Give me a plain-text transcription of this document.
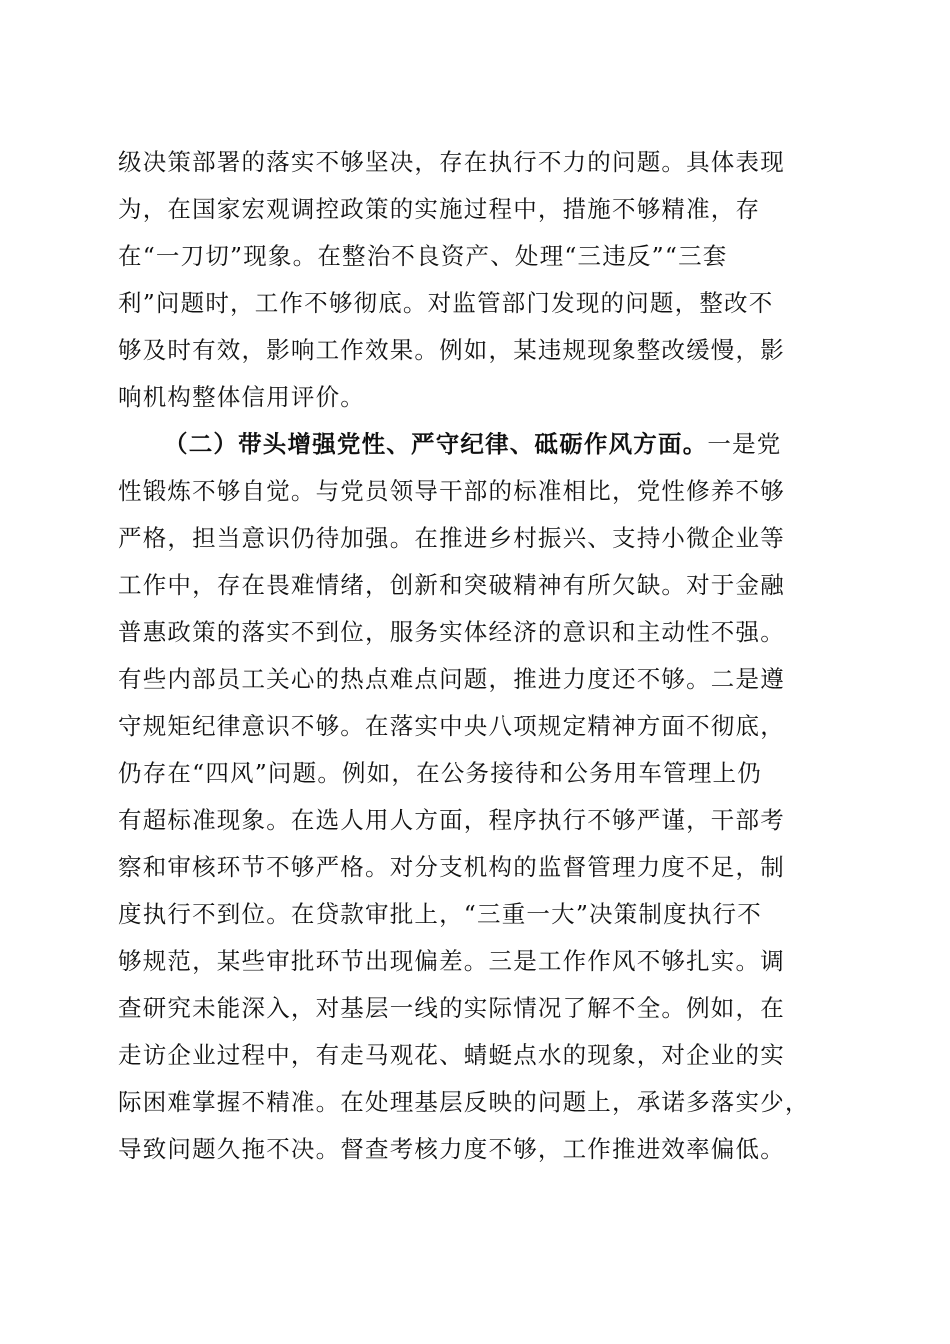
级决策部署的落实不够坚决，存在执行不力的问题。具体表现
为，在国家宏观调控政策的实施过程中，措施不够精准，存
在“一刀切”现象。在整治不良资产、处理“三违反”“三套
利”问题时，工作不够彻底。对监管部门发现的问题，整改不
够及时有效，影响工作效果。例如，某违规现象整改缓慢，影
响机构整体信用评价。
（二）带头增强党性、严守纪律、砥砺作风方面。一是党
性锻炼不够自觉。与党员领导干部的标准相比，党性修养不够
严格，担当意识仍待加强。在推进乡村振兴、支持小微企业等
工作中，存在畏难情绪，创新和突破精神有所欠缺。对于金融
普惠政策的落实不到位，服务实体经济的意识和主动性不强。
有些内部员工关心的热点难点问题，推进力度还不够。二是遵
守规矩纪律意识不够。在落实中央八项规定精神方面不彻底，
仍存在“四风”问题。例如，在公务接待和公务用车管理上仍
有超标准现象。在选人用人方面，程序执行不够严谨，干部考
察和审核环节不够严格。对分支机构的监督管理力度不足，制
度执行不到位。在贷款审批上，“三重一大”决策制度执行不
够规范，某些审批环节出现偏差。三是工作作风不够扎实。调
查研究未能深入，对基层一线的实际情况了解不全。例如，在
走访企业过程中，有走马观花、蜻蜓点水的现象，对企业的实
际困难掌握不精准。在处理基层反映的问题上，承诺多落实少，
导致问题久拖不决。督查考核力度不够，工作推进效率偏低。
